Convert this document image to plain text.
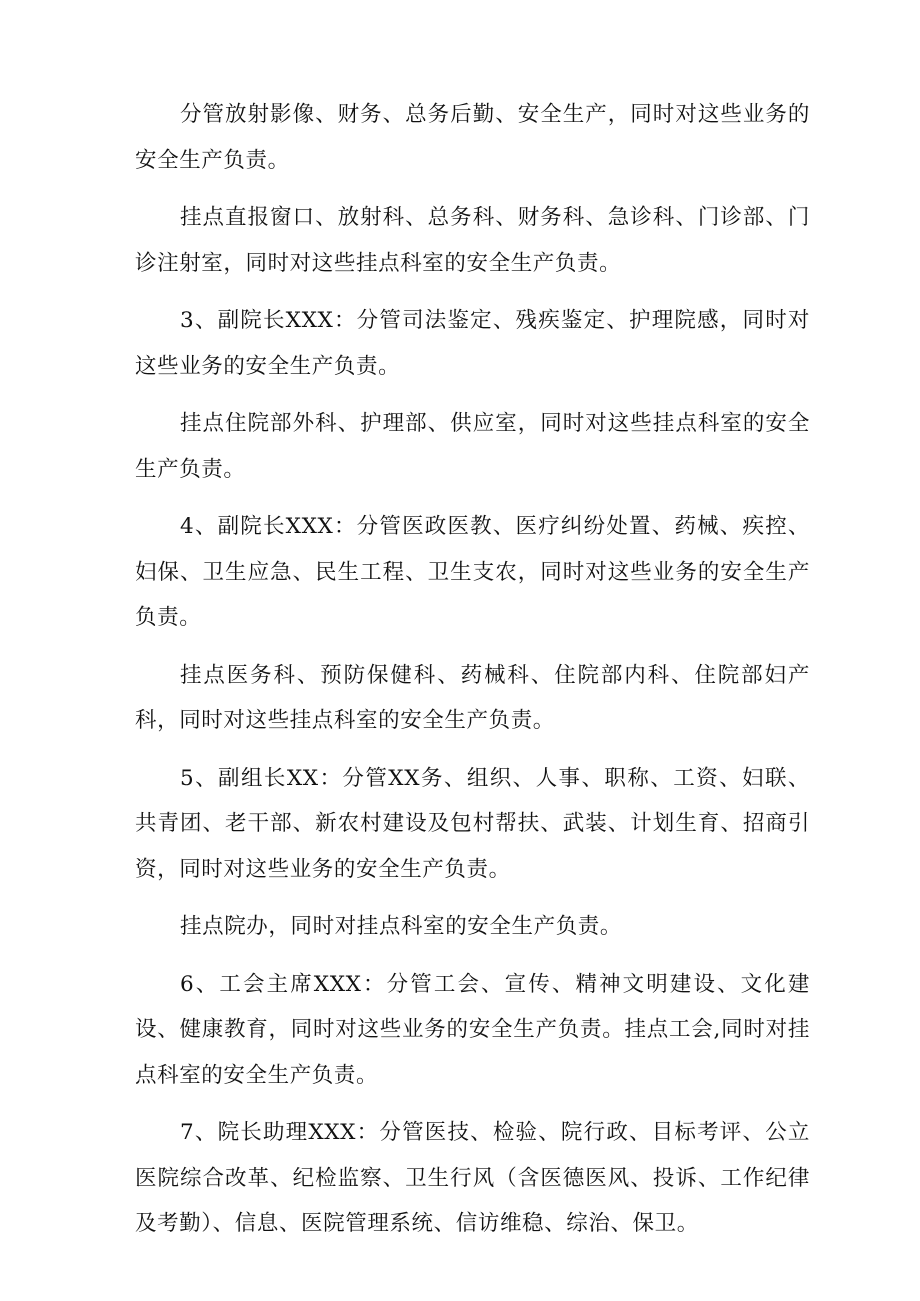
分管放射影像、财务、总务后勤、安全生产，同时对这些业务的安全生产负责。

挂点直报窗口、放射科、总务科、财务科、急诊科、门诊部、门诊注射室，同时对这些挂点科室的安全生产负责。

3、副院长XXX：分管司法鉴定、残疾鉴定、护理院感，同时对这些业务的安全生产负责。

挂点住院部外科、护理部、供应室，同时对这些挂点科室的安全生产负责。

4、副院长XXX：分管医政医教、医疗纠纷处置、药械、疾控、妇保、卫生应急、民生工程、卫生支农，同时对这些业务的安全生产负责。

挂点医务科、预防保健科、药械科、住院部内科、住院部妇产科，同时对这些挂点科室的安全生产负责。

5、副组长XX：分管XX务、组织、人事、职称、工资、妇联、共青团、老干部、新农村建设及包村帮扶、武装、计划生育、招商引资，同时对这些业务的安全生产负责。

挂点院办，同时对挂点科室的安全生产负责。

6、工会主席XXX：分管工会、宣传、精神文明建设、文化建设、健康教育，同时对这些业务的安全生产负责。挂点工会,同时对挂点科室的安全生产负责。

7、院长助理XXX：分管医技、检验、院行政、目标考评、公立医院综合改革、纪检监察、卫生行风（含医德医风、投诉、工作纪律及考勤）、信息、医院管理系统、信访维稳、综治、保卫。
